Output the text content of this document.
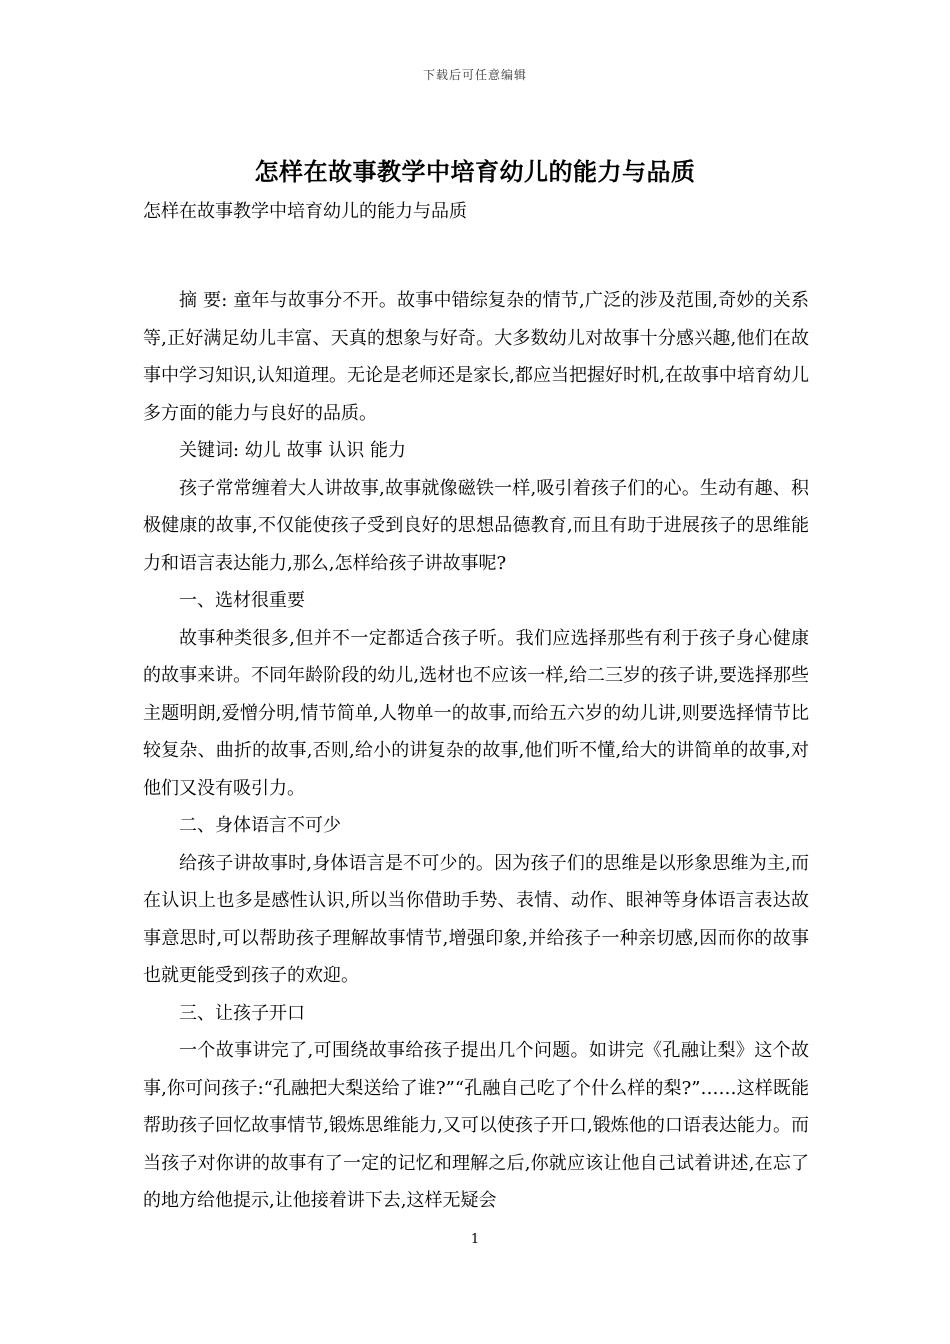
下载后可任意编辑
怎样在故事教学中培育幼儿的能力与品质

怎样在故事教学中培育幼儿的能力与品质

摘 要: 童年与故事分不开。故事中错综复杂的情节,广泛的涉及范围,奇妙的关系等,正好满足幼儿丰富、天真的想象与好奇。大多数幼儿对故事十分感兴趣,他们在故事中学习知识,认知道理。无论是老师还是家长,都应当把握好时机,在故事中培育幼儿多方面的能力与良好的品质。

关键词: 幼儿 故事 认识 能力

孩子常常缠着大人讲故事,故事就像磁铁一样,吸引着孩子们的心。生动有趣、积极健康的故事,不仅能使孩子受到良好的思想品德教育,而且有助于进展孩子的思维能力和语言表达能力,那么,怎样给孩子讲故事呢?

一、选材很重要

故事种类很多,但并不一定都适合孩子听。我们应选择那些有利于孩子身心健康的故事来讲。不同年龄阶段的幼儿,选材也不应该一样,给二三岁的孩子讲,要选择那些主题明朗,爱憎分明,情节简单,人物单一的故事,而给五六岁的幼儿讲,则要选择情节比较复杂、曲折的故事,否则,给小的讲复杂的故事,他们听不懂,给大的讲简单的故事,对他们又没有吸引力。

二、身体语言不可少

给孩子讲故事时,身体语言是不可少的。因为孩子们的思维是以形象思维为主,而在认识上也多是感性认识,所以当你借助手势、表情、动作、眼神等身体语言表达故事意思时,可以帮助孩子理解故事情节,增强印象,并给孩子一种亲切感,因而你的故事也就更能受到孩子的欢迎。

三、让孩子开口

一个故事讲完了,可围绕故事给孩子提出几个问题。如讲完《孔融让梨》这个故事,你可问孩子:“孔融把大梨送给了谁?”“孔融自己吃了个什么样的梨?”……这样既能帮助孩子回忆故事情节,锻炼思维能力,又可以使孩子开口,锻炼他的口语表达能力。而当孩子对你讲的故事有了一定的记忆和理解之后,你就应该让他自己试着讲述,在忘了的地方给他提示,让他接着讲下去,这样无疑会

1
